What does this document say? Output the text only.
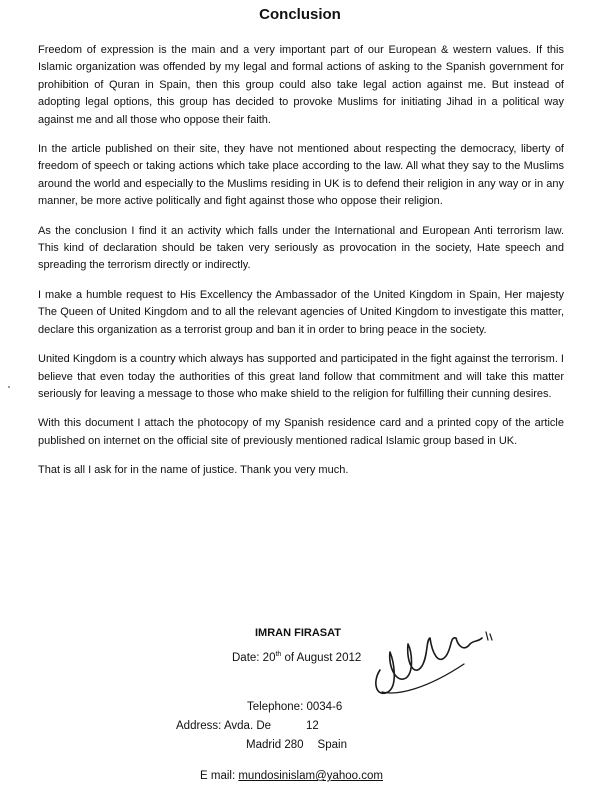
Conclusion

Freedom of expression is the main and a very important part of our European & western values. If this Islamic organization was offended by my legal and formal actions of asking to the Spanish government for prohibition of Quran in Spain, then this group could also take legal action against me. But instead of adopting legal options, this group has decided to provoke Muslims for initiating Jihad in a political way against me and all those who oppose their faith.

In the article published on their site, they have not mentioned about respecting the democracy, liberty of freedom of speech or taking actions which take place according to the law. All what they say to the Muslims around the world and especially to the Muslims residing in UK is to defend their religion in any way or in any manner, be more active politically and fight against those who oppose their religion.

As the conclusion I find it an activity which falls under the International and European Anti terrorism law. This kind of declaration should be taken very seriously as provocation in the society, Hate speech and spreading the terrorism directly or indirectly.

I make a humble request to His Excellency the Ambassador of the United Kingdom in Spain, Her majesty The Queen of United Kingdom and to all the relevant agencies of United Kingdom to investigate this matter, declare this organization as a terrorist group and ban it in order to bring peace in the society.

United Kingdom is a country which always has supported and participated in the fight against the terrorism. I believe that even today the authorities of this great land follow that commitment and will take this matter seriously for leaving a message to those who make shield to the religion for fulfilling their cunning desires.

With this document I attach the photocopy of my Spanish residence card and a printed copy of the article published on internet on the official site of previously mentioned radical Islamic group based in UK.

That is all I ask for in the name of justice. Thank you very much.

IMRAN FIRASAT
Date: 20th of August 2012
Telephone: 0034-6
Address: Avda. De	12
Madrid 280 Spain
E mail: mundosinislam@yahoo.com
